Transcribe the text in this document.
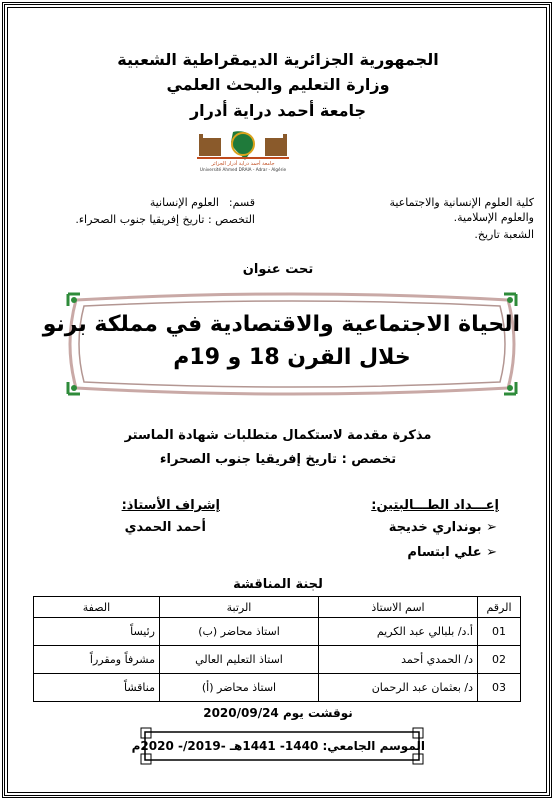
الجمهورية الجزائرية الديمقراطية الشعبية
وزارة التعليم والبحث العلمي
جامعة أحمد دراية أدرار
جامعة أحمد دراية أدرار الجزائر
Université Ahmed DRAIA - Adrar - Algérie
كلية العلوم الإنسانية والاجتماعية
والعلوم الإسلامية.
الشعبة تاريخ.
قسم:
العلوم الإنسانية
التخصص : تاريخ إفريقيا جنوب الصحراء.
تحت عنوان
الحياة الاجتماعية والاقتصادية في مملكة برنو
خلال القرن 18 و 19م
مذكرة مقدمة لاستكمال متطلبات شهادة الماستر
تخصص : تاريخ إفريقيا جنوب الصحراء
إعـــداد الطـــالبتين:
➢ بونداري خديجة
➢ علي ابتسام
إشراف الأستاذ:
أحمد الحمدي
لجنة المناقشة
الرقم	اسم الاستاذ	الرتبة	الصفة
01	أ.د/ بلبالي عبد الكريم	استاذ محاضر (ب)	رئيساً
02	د/ الحمدي أحمد	استاذ التعليم العالي	مشرفاً ومقرراً
03	د/ بعثمان عبد الرحمان	استاذ محاضر (أ)	مناقشاً
نوقشت يوم 2020/09/24
الموسم الجامعي: 1440- 1441هـ -2019/- 2020م
